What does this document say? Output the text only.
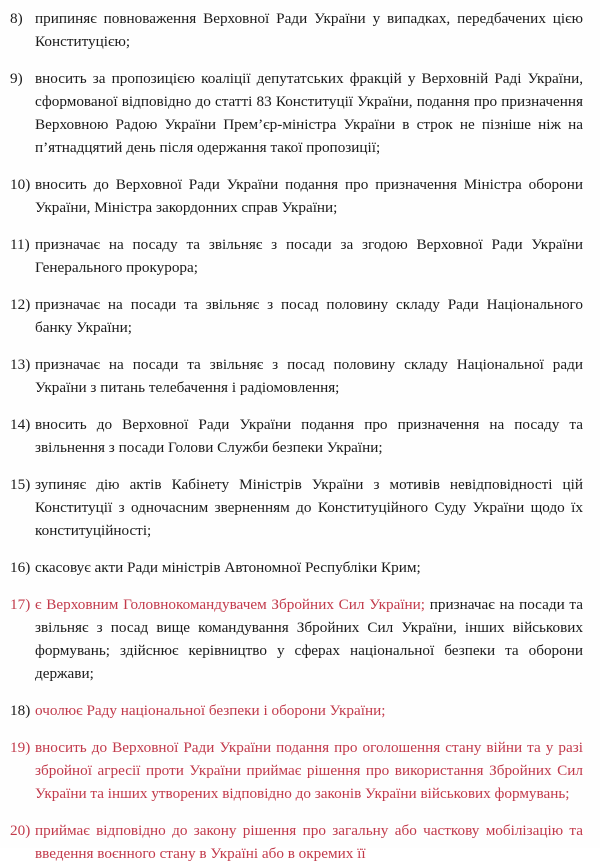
8) припиняє повноваження Верховної Ради України у випадках, передбачених цією Конституцією;
9) вносить за пропозицією коаліції депутатських фракцій у Верховній Раді України, сформованої відповідно до статті 83 Конституції України, подання про призначення Верховною Радою України Прем’єр-міністра України в строк не пізніше ніж на п’ятнадцятий день після одержання такої пропозиції;
10) вносить до Верховної Ради України подання про призначення Міністра оборони України, Міністра закордонних справ України;
11) призначає на посаду та звільняє з посади за згодою Верховної Ради України Генерального прокурора;
12) призначає на посади та звільняє з посад половину складу Ради Національного банку України;
13) призначає на посади та звільняє з посад половину складу Національної ради України з питань телебачення і радіомовлення;
14) вносить до Верховної Ради України подання про призначення на посаду та звільнення з посади Голови Служби безпеки України;
15) зупиняє дію актів Кабінету Міністрів України з мотивів невідповідності цій Конституції з одночасним зверненням до Конституційного Суду України щодо їх конституційності;
16) скасовує акти Ради міністрів Автономної Республіки Крим;
17) є Верховним Головнокомандувачем Збройних Сил України; призначає на посади та звільняє з посад вище командування Збройних Сил України, інших військових формувань; здійснює керівництво у сферах національної безпеки та оборони держави;
18) очолює Раду національної безпеки і оборони України;
19) вносить до Верховної Ради України подання про оголошення стану війни та у разі збройної агресії проти України приймає рішення про використання Збройних Сил України та інших утворених відповідно до законів України військових формувань;
20) приймає відповідно до закону рішення про загальну або часткову мобілізацію та введення воєнного стану в Україні або в окремих її
